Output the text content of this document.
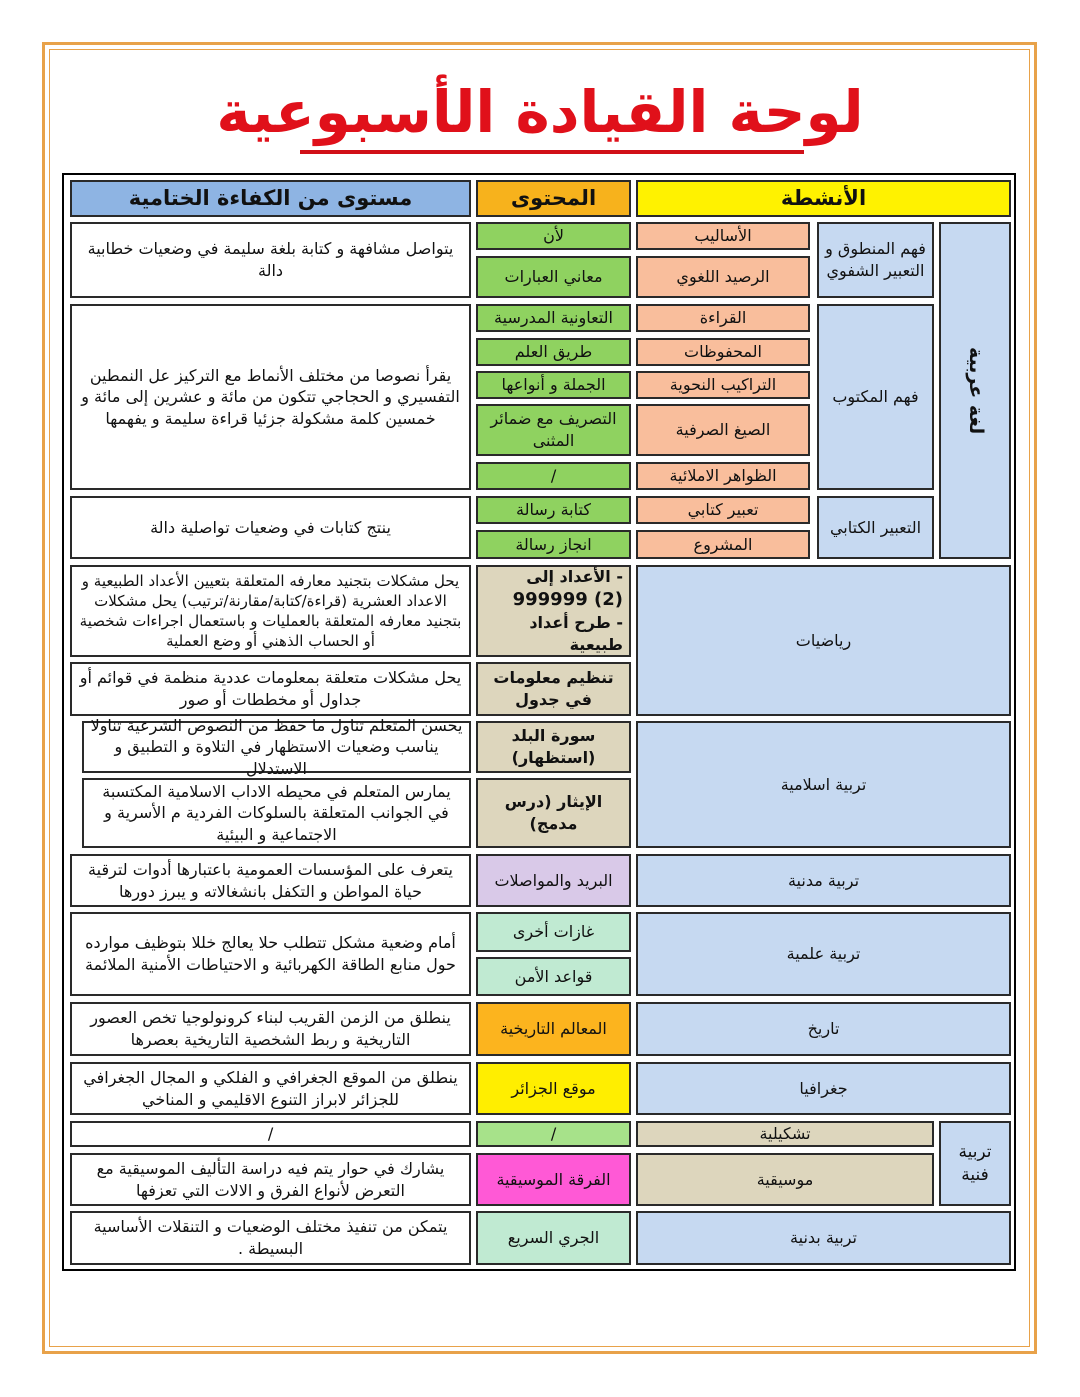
لوحة القيادة الأسبوعية
الأنشطة
المحتوى
مستوى من الكفاءة الختامية
لغة عربية
فهم المنطوق و التعبير الشفوي
الأساليب
الرصيد اللغوي
لأن
معاني العبارات
يتواصل مشافهة و كتابة بلغة سليمة في وضعيات خطابية دالة
فهم المكتوب
القراءة
المحفوظات
التراكيب النحوية
الصيغ الصرفية
الظواهر الاملائية
التعاونية المدرسية
طريق العلم
الجملة و أنواعها
التصريف مع ضمائر المثنى
/
يقرأ نصوصا من مختلف الأنماط مع التركيز عل النمطين التفسيري و الحجاجي تتكون من مائة و عشرين إلى مائة و خمسين كلمة مشكولة جزئيا قراءة سليمة و يفهمها
التعبير الكتابي
تعبير كتابي
المشروع
كتابة رسالة
انجاز رسالة
ينتج كتابات في وضعيات تواصلية دالة
رياضيات
- الأعداد إلى
999999 (2)
- طرح أعداد طبيعية
يحل مشكلات بتجنيد معارفه المتعلقة بتعيين الأعداد الطبيعية و الاعداد العشرية (قراءة/كتابة/مقارنة/ترتيب) يحل مشكلات بتجنيد معارفه المتعلقة بالعمليات و باستعمال اجراءات شخصية أو الحساب الذهني أو وضع العملية
تنظيم معلومات في جدول
يحل مشكلات متعلقة بمعلومات عددية منظمة في قوائم أو جداول أو مخططات أو صور
تربية اسلامية
سورة البلد (استظهار)
يحسن المتعلم تناول ما حفظ من النصوص الشرعية تناولا يناسب وضعيات الاستظهار في التلاوة و التطبيق و الاستدلال
الإيثار (درس مدمج)
يمارس المتعلم في محيطه الاداب الاسلامية المكتسبة في الجوانب المتعلقة بالسلوكات الفردية م الأسرية و الاجتماعية و البيئية
تربية مدنية
البريد والمواصلات
يتعرف على المؤسسات العمومية باعتبارها أدوات لترقية حياة المواطن و التكفل بانشغالاته و يبرز دورها
تربية علمية
غازات أخرى
قواعد الأمن
أمام وضعية مشكل تتطلب حلا يعالج خللا بتوظيف موارده حول منابع الطاقة الكهربائية و الاحتياطات الأمنية الملائمة
تاريخ
المعالم التاريخية
ينطلق من الزمن القريب لبناء كرونولوجيا تخص العصور التاريخية و ربط الشخصية التاريخية بعصرها
جغرافيا
موقع الجزائر
ينطلق من الموقع الجغرافي و الفلكي و المجال الجغرافي للجزائر لابراز التنوع الاقليمي و المناخي
تربية فنية
تشكيلية
/
/
موسيقية
الفرقة الموسيقية
يشارك في حوار يتم فيه دراسة التأليف الموسيقية مع التعرض لأنواع الفرق و الالات التي تعزفها
تربية بدنية
الجري السريع
يتمكن من تنفيذ مختلف الوضعيات و التنقلات الأساسية البسيطة .
